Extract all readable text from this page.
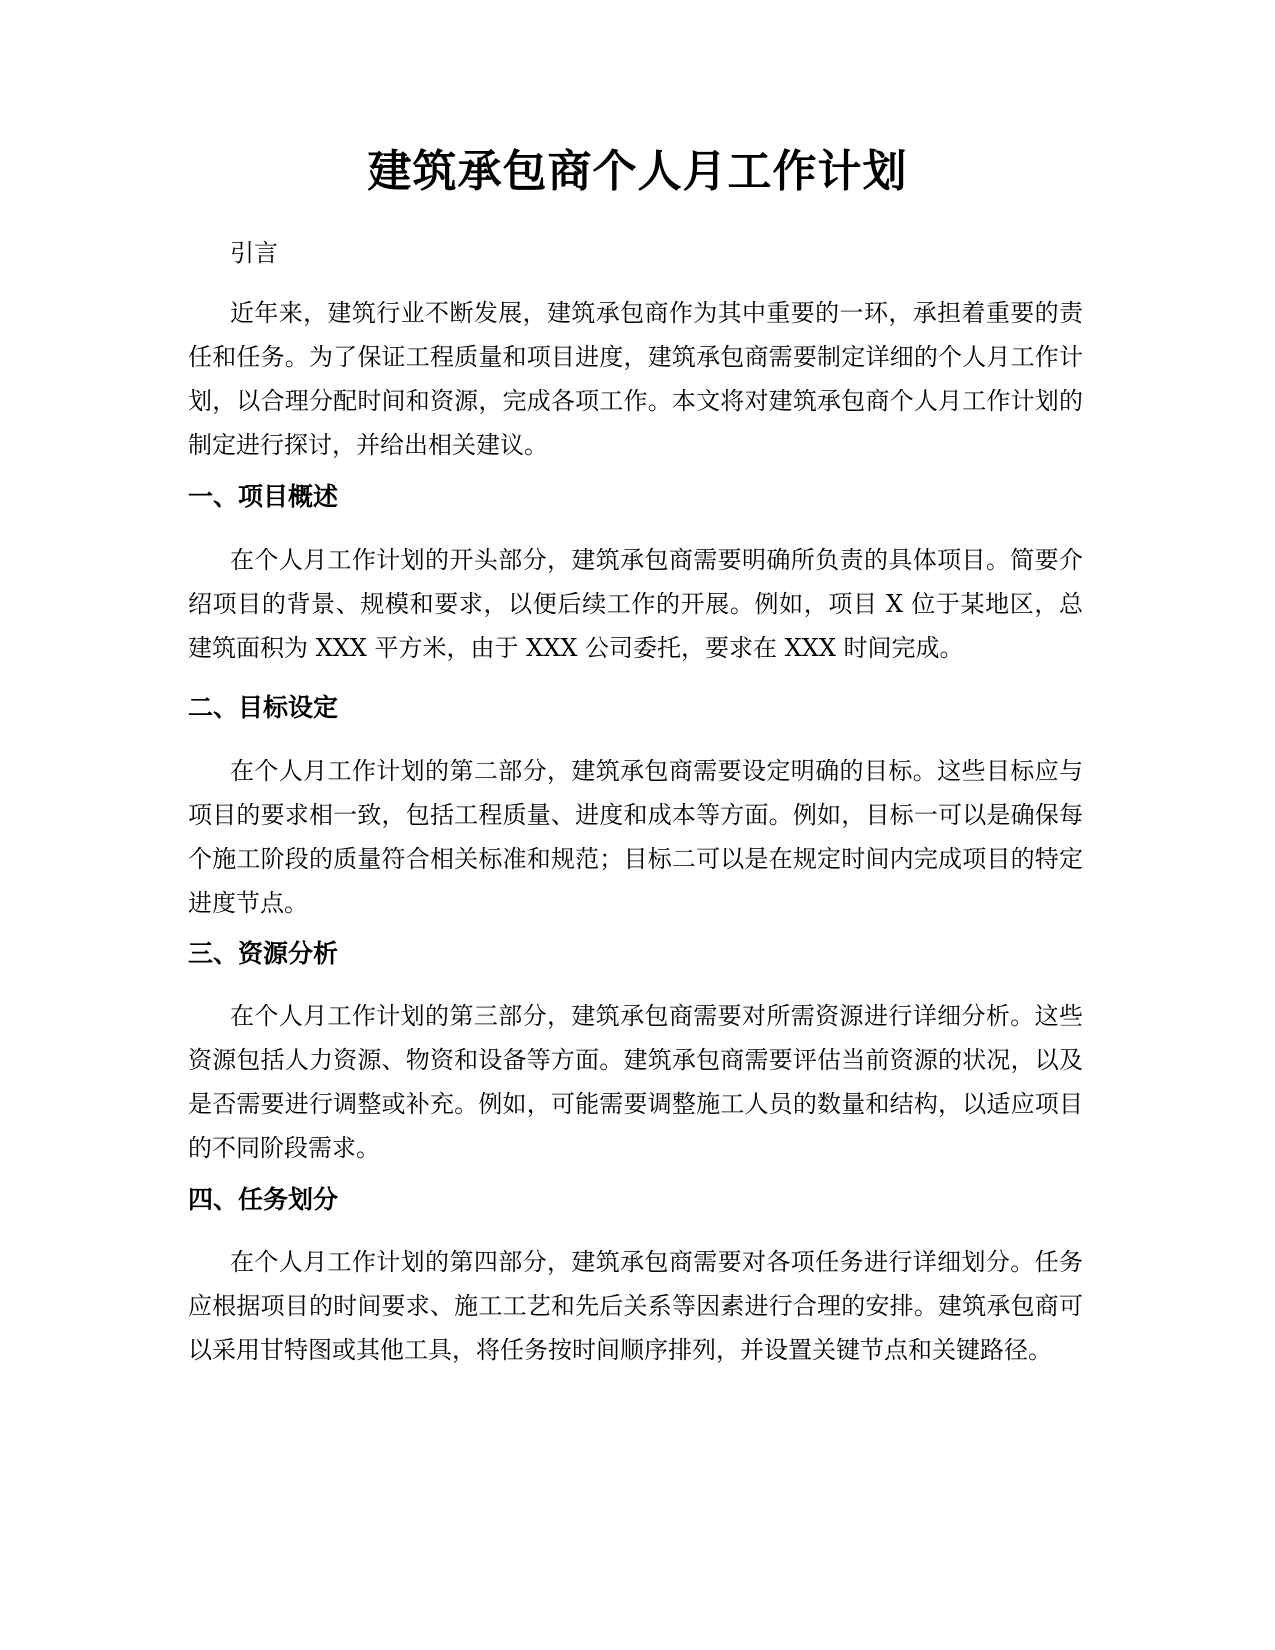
建筑承包商个人月工作计划

引言

近年来，建筑行业不断发展，建筑承包商作为其中重要的一环，承担着重要的责任和任务。为了保证工程质量和项目进度，建筑承包商需要制定详细的个人月工作计划，以合理分配时间和资源，完成各项工作。本文将对建筑承包商个人月工作计划的制定进行探讨，并给出相关建议。

一、项目概述

在个人月工作计划的开头部分，建筑承包商需要明确所负责的具体项目。简要介绍项目的背景、规模和要求，以便后续工作的开展。例如，项目 X 位于某地区，总建筑面积为 XXX 平方米，由于 XXX 公司委托，要求在 XXX 时间完成。

二、目标设定

在个人月工作计划的第二部分，建筑承包商需要设定明确的目标。这些目标应与项目的要求相一致，包括工程质量、进度和成本等方面。例如，目标一可以是确保每个施工阶段的质量符合相关标准和规范；目标二可以是在规定时间内完成项目的特定进度节点。

三、资源分析

在个人月工作计划的第三部分，建筑承包商需要对所需资源进行详细分析。这些资源包括人力资源、物资和设备等方面。建筑承包商需要评估当前资源的状况，以及是否需要进行调整或补充。例如，可能需要调整施工人员的数量和结构，以适应项目的不同阶段需求。

四、任务划分

在个人月工作计划的第四部分，建筑承包商需要对各项任务进行详细划分。任务应根据项目的时间要求、施工工艺和先后关系等因素进行合理的安排。建筑承包商可以采用甘特图或其他工具，将任务按时间顺序排列，并设置关键节点和关键路径。
